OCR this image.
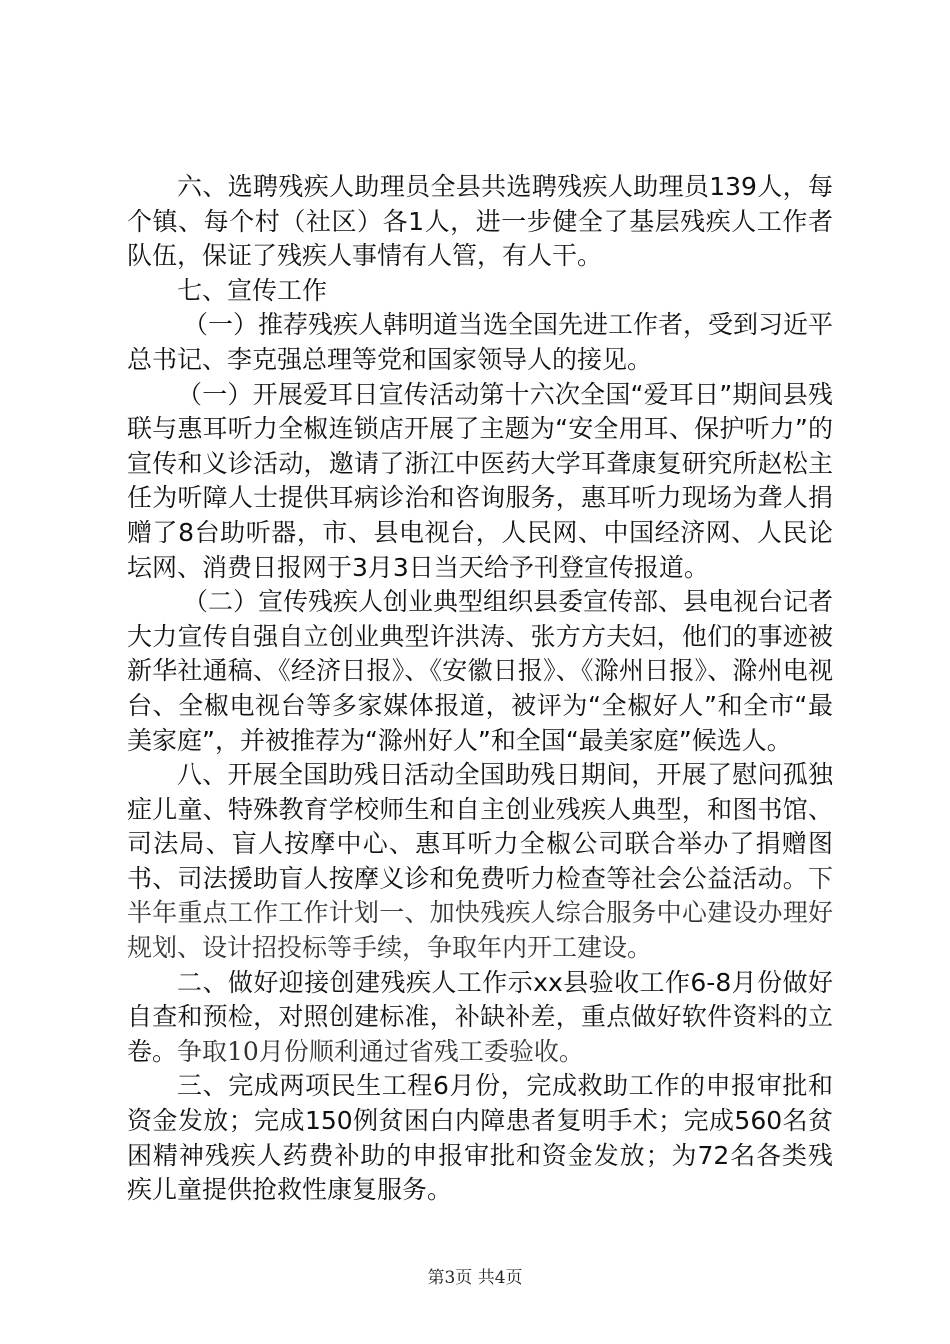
六、选聘残疾人助理员全县共选聘残疾人助理员139人，每个镇、每个村（社区）各1人，进一步健全了基层残疾人工作者队伍，保证了残疾人事情有人管，有人干。

七、宣传工作

（一）推荐残疾人韩明道当选全国先进工作者，受到习近平总书记、李克强总理等党和国家领导人的接见。

（一）开展爱耳日宣传活动第十六次全国“爱耳日”期间县残联与惠耳听力全椒连锁店开展了主题为“安全用耳、保护听力”的宣传和义诊活动，邀请了浙江中医药大学耳聋康复研究所赵松主任为听障人士提供耳病诊治和咨询服务，惠耳听力现场为聋人捐赠了8台助听器，市、县电视台，人民网、中国经济网、人民论坛网、消费日报网于3月3日当天给予刊登宣传报道。

（二）宣传残疾人创业典型组织县委宣传部、县电视台记者大力宣传自强自立创业典型许洪涛、张方方夫妇，他们的事迹被新华社通稿、《经济日报》、《安徽日报》、《滁州日报》、滁州电视台、全椒电视台等多家媒体报道，被评为“全椒好人”和全市“最美家庭”，并被推荐为“滁州好人”和全国“最美家庭”候选人。

八、开展全国助残日活动全国助残日期间，开展了慰问孤独症儿童、特殊教育学校师生和自主创业残疾人典型，和图书馆、司法局、盲人按摩中心、惠耳听力全椒公司联合举办了捐赠图书、司法援助盲人按摩义诊和免费听力检查等社会公益活动。下半年重点工作工作计划一、加快残疾人综合服务中心建设办理好规划、设计招投标等手续，争取年内开工建设。

二、做好迎接创建残疾人工作示xx县验收工作6-8月份做好自查和预检，对照创建标准，补缺补差，重点做好软件资料的立卷。争取10月份顺利通过省残工委验收。

三、完成两项民生工程6月份，完成救助工作的申报审批和资金发放；完成150例贫困白内障患者复明手术；完成560名贫困精神残疾人药费补助的申报审批和资金发放；为72名各类残疾儿童提供抢救性康复服务。

第3页 共4页
